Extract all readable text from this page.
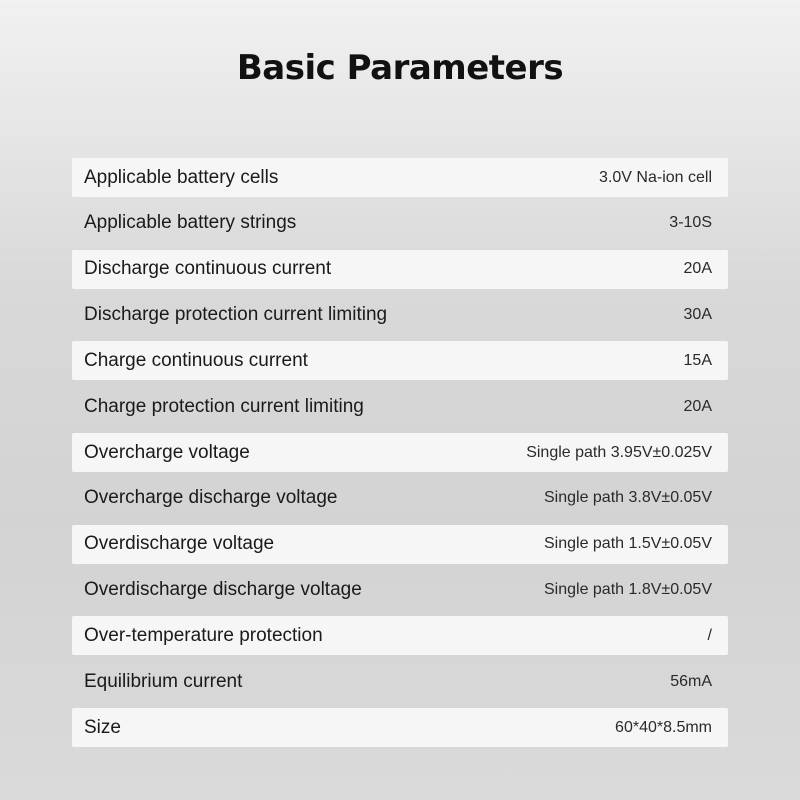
Basic Parameters
Applicable battery cells	3.0V Na-ion cell
Applicable battery strings	3-10S
Discharge continuous current	20A
Discharge protection current limiting	30A
Charge continuous current	15A
Charge protection current limiting	20A
Overcharge voltage	Single path 3.95V±0.025V
Overcharge discharge voltage	Single path 3.8V±0.05V
Overdischarge voltage	Single path 1.5V±0.05V
Overdischarge discharge voltage	Single path 1.8V±0.05V
Over-temperature protection	/
Equilibrium current	56mA
Size	60*40*8.5mm
